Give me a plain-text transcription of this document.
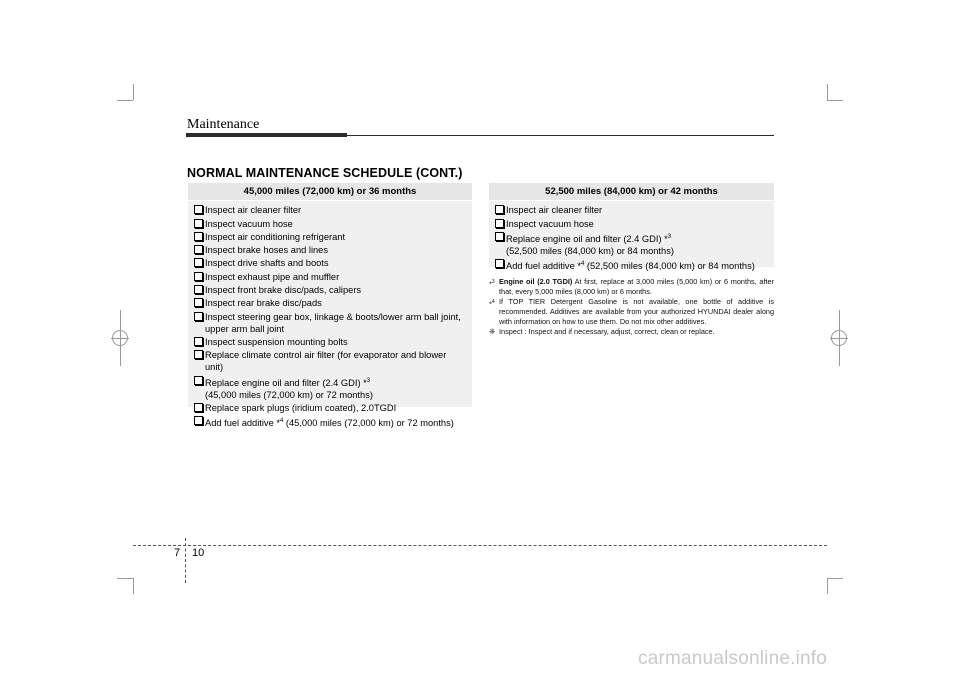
Maintenance
NORMAL MAINTENANCE SCHEDULE (CONT.)
45,000 miles (72,000 km) or 36 months
Inspect air cleaner filter
Inspect vacuum hose
Inspect air conditioning refrigerant
Inspect brake hoses and lines
Inspect drive shafts and boots
Inspect exhaust pipe and muffler
Inspect front brake disc/pads, calipers
Inspect rear brake disc/pads
Inspect steering gear box, linkage & boots/lower arm ball joint,
upper arm ball joint
Inspect suspension mounting bolts
Replace climate control air filter (for evaporator and blower unit)
Replace engine oil and filter (2.4 GDI) *$^3$
(45,000 miles (72,000 km) or 72 months)
Replace spark plugs (iridium coated), 2.0TGDI
Add fuel additive *$^4$ (45,000 miles (72,000 km) or 72 months)
52,500 miles (84,000 km) or 42 months
Inspect air cleaner filter
Inspect vacuum hose
Replace engine oil and filter (2.4 GDI) *$^3$
(52,500 miles (84,000 km) or 84 months)
Add fuel additive *$^4$ (52,500 miles (84,000 km) or 84 months)
*$^3$ Engine oil (2.0 TGDI) At first, replace at 3,000 miles (5,000 km) or 6 months, after that, every 5,000 miles (8,000 km) or 6 months.
*$^4$ If TOP TIER Detergent Gasoline is not available, one bottle of additive is recommended. Additives are available from your authorized HYUNDAI dealer along with information on how to use them. Do not mix other additives.
❈ Inspect : Inspect and if necessary, adjust, correct, clean or replace.
7 10
carmanualsonline.info
